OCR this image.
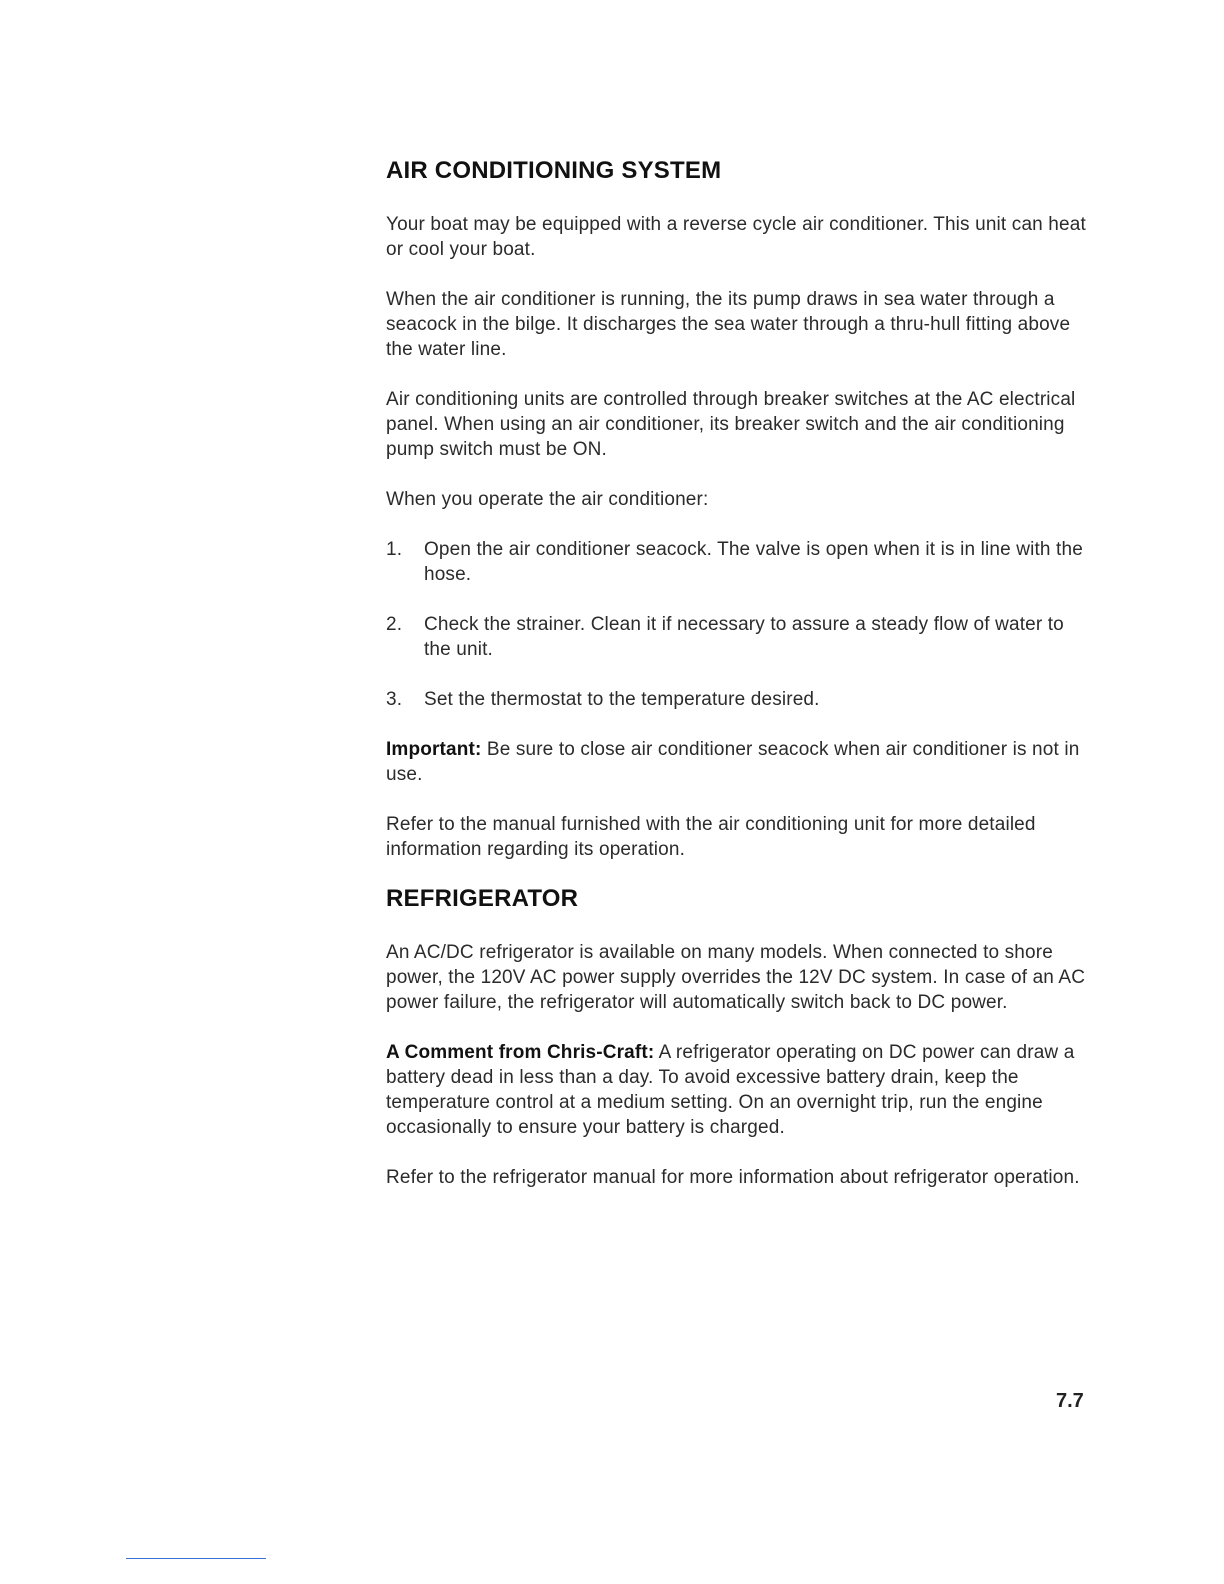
AIR CONDITIONING SYSTEM

Your boat may be equipped with a reverse cycle air conditioner. This unit can heat or cool your boat.

When the air conditioner is running, the its pump draws in sea water through a seacock in the bilge. It discharges the sea water through a thru-hull fitting above the water line.

Air conditioning units are controlled through breaker switches at the AC electrical panel. When using an air conditioner, its breaker switch and the air conditioning pump switch must be ON.

When you operate the air conditioner:

1.	Open the air conditioner seacock. The valve is open when it is in line with the hose.
2.	Check the strainer. Clean it if necessary to assure a steady flow of water to the unit.
3.	Set the thermostat to the temperature desired.

Important: Be sure to close air conditioner seacock when air conditioner is not in use.

Refer to the manual furnished with the air conditioning unit for more detailed information regarding its operation.

REFRIGERATOR

An AC/DC refrigerator is available on many models. When connected to shore power, the 120V AC power supply overrides the 12V DC system. In case of an AC power failure, the refrigerator will automatically switch back to DC power.

A Comment from Chris-Craft: A refrigerator operating on DC power can draw a battery dead in less than a day. To avoid excessive battery drain, keep the temperature control at a medium setting. On an overnight trip, run the engine occasionally to ensure your battery is charged.

Refer to the refrigerator manual for more information about refrigerator operation.

7.7
